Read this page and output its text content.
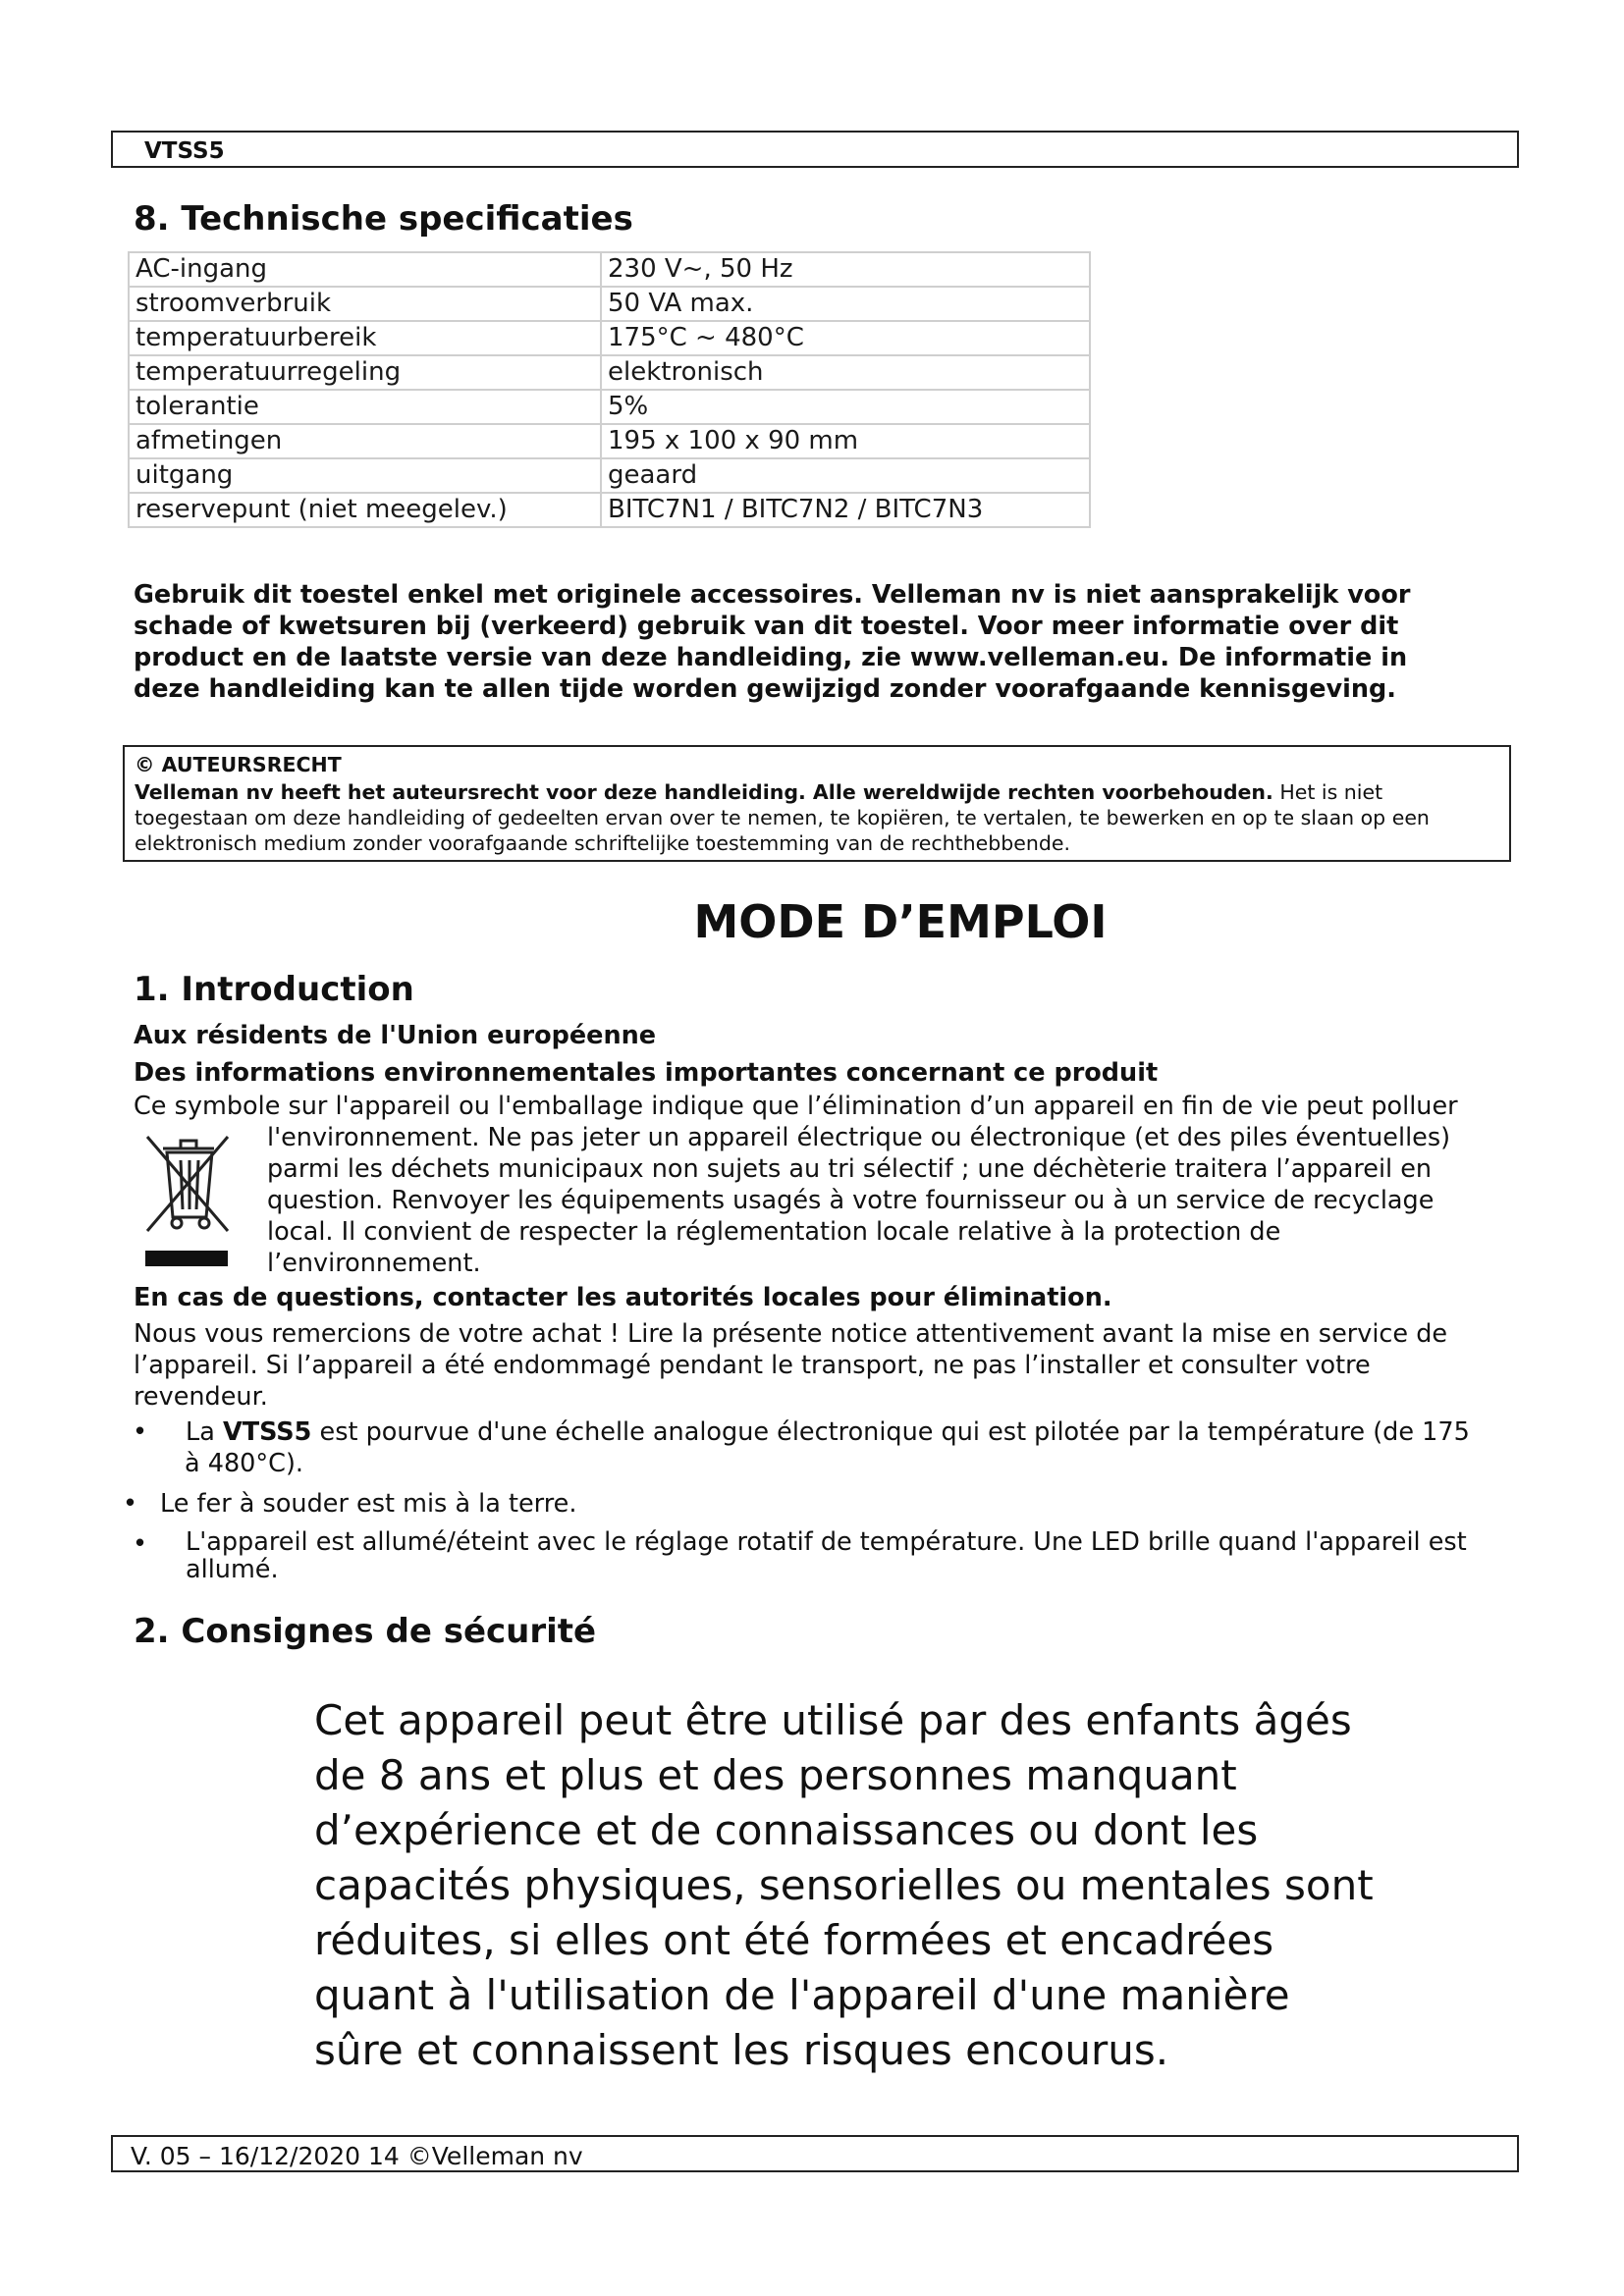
VTSS5
8. Technische specificaties
AC-ingang	230 V~, 50 Hz
stroomverbruik	50 VA max.
temperatuurbereik	175°C ~ 480°C
temperatuurregeling	elektronisch
tolerantie	5%
afmetingen	195 x 100 x 90 mm
uitgang	geaard
reservepunt (niet meegelev.)	BITC7N1 / BITC7N2 / BITC7N3
Gebruik dit toestel enkel met originele accessoires. Velleman nv is niet aansprakelijk voor
schade of kwetsuren bij (verkeerd) gebruik van dit toestel. Voor meer informatie over dit
product en de laatste versie van deze handleiding, zie www.velleman.eu. De informatie in
deze handleiding kan te allen tijde worden gewijzigd zonder voorafgaande kennisgeving.
© AUTEURSRECHT
Velleman nv heeft het auteursrecht voor deze handleiding. Alle wereldwijde rechten voorbehouden. Het is niet toegestaan om deze handleiding of gedeelten ervan over te nemen, te kopiëren, te vertalen, te bewerken en op te slaan op een elektronisch medium zonder voorafgaande schriftelijke toestemming van de rechthebbende.
MODE D’EMPLOI
1. Introduction
Aux résidents de l'Union européenne
Des informations environnementales importantes concernant ce produit
Ce symbole sur l'appareil ou l'emballage indique que l’élimination d’un appareil en fin de vie peut polluer
l'environnement. Ne pas jeter un appareil électrique ou électronique (et des piles éventuelles)
parmi les déchets municipaux non sujets au tri sélectif ; une déchèterie traitera l’appareil en
question. Renvoyer les équipements usagés à votre fournisseur ou à un service de recyclage
local. Il convient de respecter la réglementation locale relative à la protection de
l’environnement.
En cas de questions, contacter les autorités locales pour élimination.
Nous vous remercions de votre achat ! Lire la présente notice attentivement avant la mise en service de
l’appareil. Si l’appareil a été endommagé pendant le transport, ne pas l’installer et consulter votre
revendeur.
• La VTSS5 est pourvue d'une échelle analogue électronique qui est pilotée par la température (de 175
à 480°C).
• Le fer à souder est mis à la terre.
• L'appareil est allumé/éteint avec le réglage rotatif de température. Une LED brille quand l'appareil est
allumé.
2. Consignes de sécurité
Cet appareil peut être utilisé par des enfants âgés
de 8 ans et plus et des personnes manquant
d’expérience et de connaissances ou dont les
capacités physiques, sensorielles ou mentales sont
réduites, si elles ont été formées et encadrées
quant à l'utilisation de l'appareil d'une manière
sûre et connaissent les risques encourus.
V. 05 – 16/12/2020 14 ©Velleman nv
